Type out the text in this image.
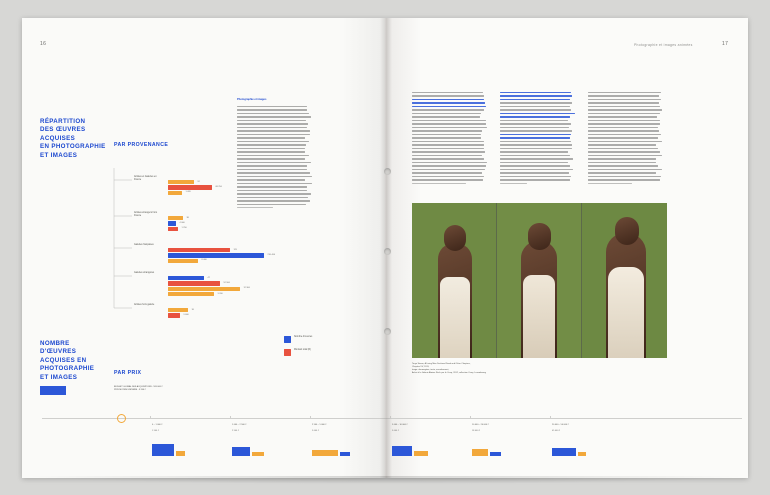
16
RÉPARTITION
DES ŒUVRES
ACQUISES
EN PHOTOGRAPHIE
ET IMAGES
PAR PROVENANCE
NOMBRE
D'ŒUVRES
ACQUISES EN
PHOTOGRAPHIE
ET IMAGES
PAR PRIX
Photographie et images
Artistes et Galeries en France
92
68 250
1 420
Artistes étrangers hors France
38
4 000
1 250
Galeries françaises
125
210 400
8 400
Galeries étrangères
47
52 900
12 300
3 200
Artistes hors galerie
18
9 600
Nombre d'œuvres
Montant total (€)
BUDGET GLOBAL DES ACQUISITIONS : 520 000 €
PRIX MOYEN UNITAIRE : 3 266 €
0 – 1 000 €
1 500 €
1 000 – 2 500 €
2 500 €
2 500 – 5 000 €
5 000 €
5 000 – 10 000 €
9 000 €
10 000 – 20 000 €
18 000 €
20 000 – 50 000 €
45 000 €
17
Photographie et images animées
Taryn Simon, A Living Man Declared Dead and Other Chapters,
Chapitre XV, 2011,
tirage chromogène, texte, encadrement,
Achat à la Galerie Almine Rech par le Cnap, 2012, collection Cnap, Luxembourg
